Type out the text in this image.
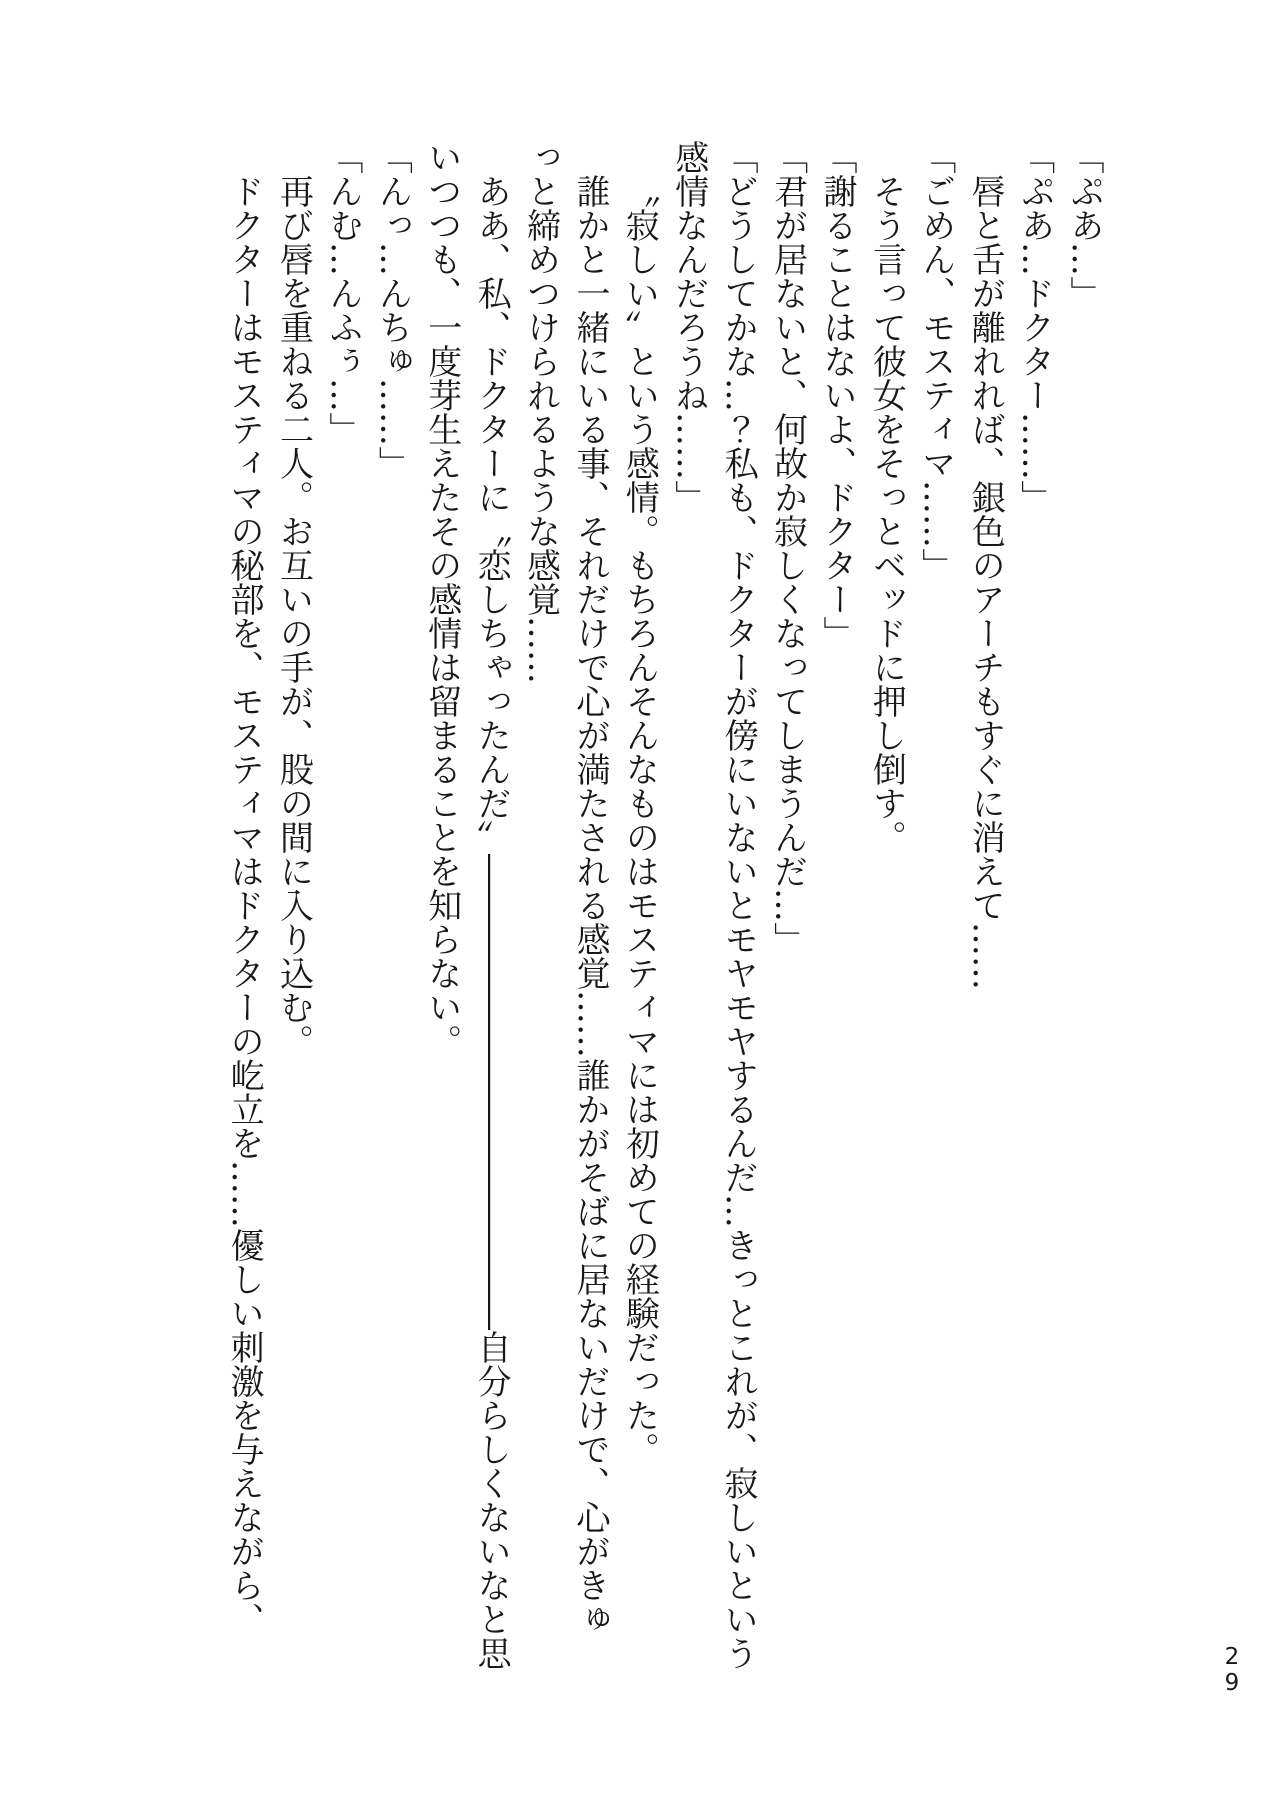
「ぷあ…」

「ぷあ…ドクター……」

唇と舌が離れれば、銀色のアーチもすぐに消えて……

「ごめん、モスティマ……」

そう言って彼女をそっとベッドに押し倒す。

「謝ることはないよ、ドクター」

「君が居ないと、何故か寂しくなってしまうんだ…」

「どうしてかな…？私も、ドクターが傍にいないとモヤモヤするんだ…きっとこれが、寂しいという

感情なんだろうね……」

〝寂しい〟という感情。もちろんそんなものはモスティマには初めての経験だった。

誰かと一緒にいる事、それだけで心が満たされる感覚……誰かがそばに居ないだけで、心がきゅ

っと締めつけられるような感覚……

ああ、私、ドクターに〝恋しちゃったんだ〟――――――――――――――自分らしくないなと思

いつつも、一度芽生えたその感情は留まることを知らない。

「んっ…んちゅ……」

「んむ…んふぅ…」

再び唇を重ねる二人。お互いの手が、股の間に入り込む。

ドクターはモスティマの秘部を、モスティマはドクターの屹立を……優しい刺激を与えながら、

29
